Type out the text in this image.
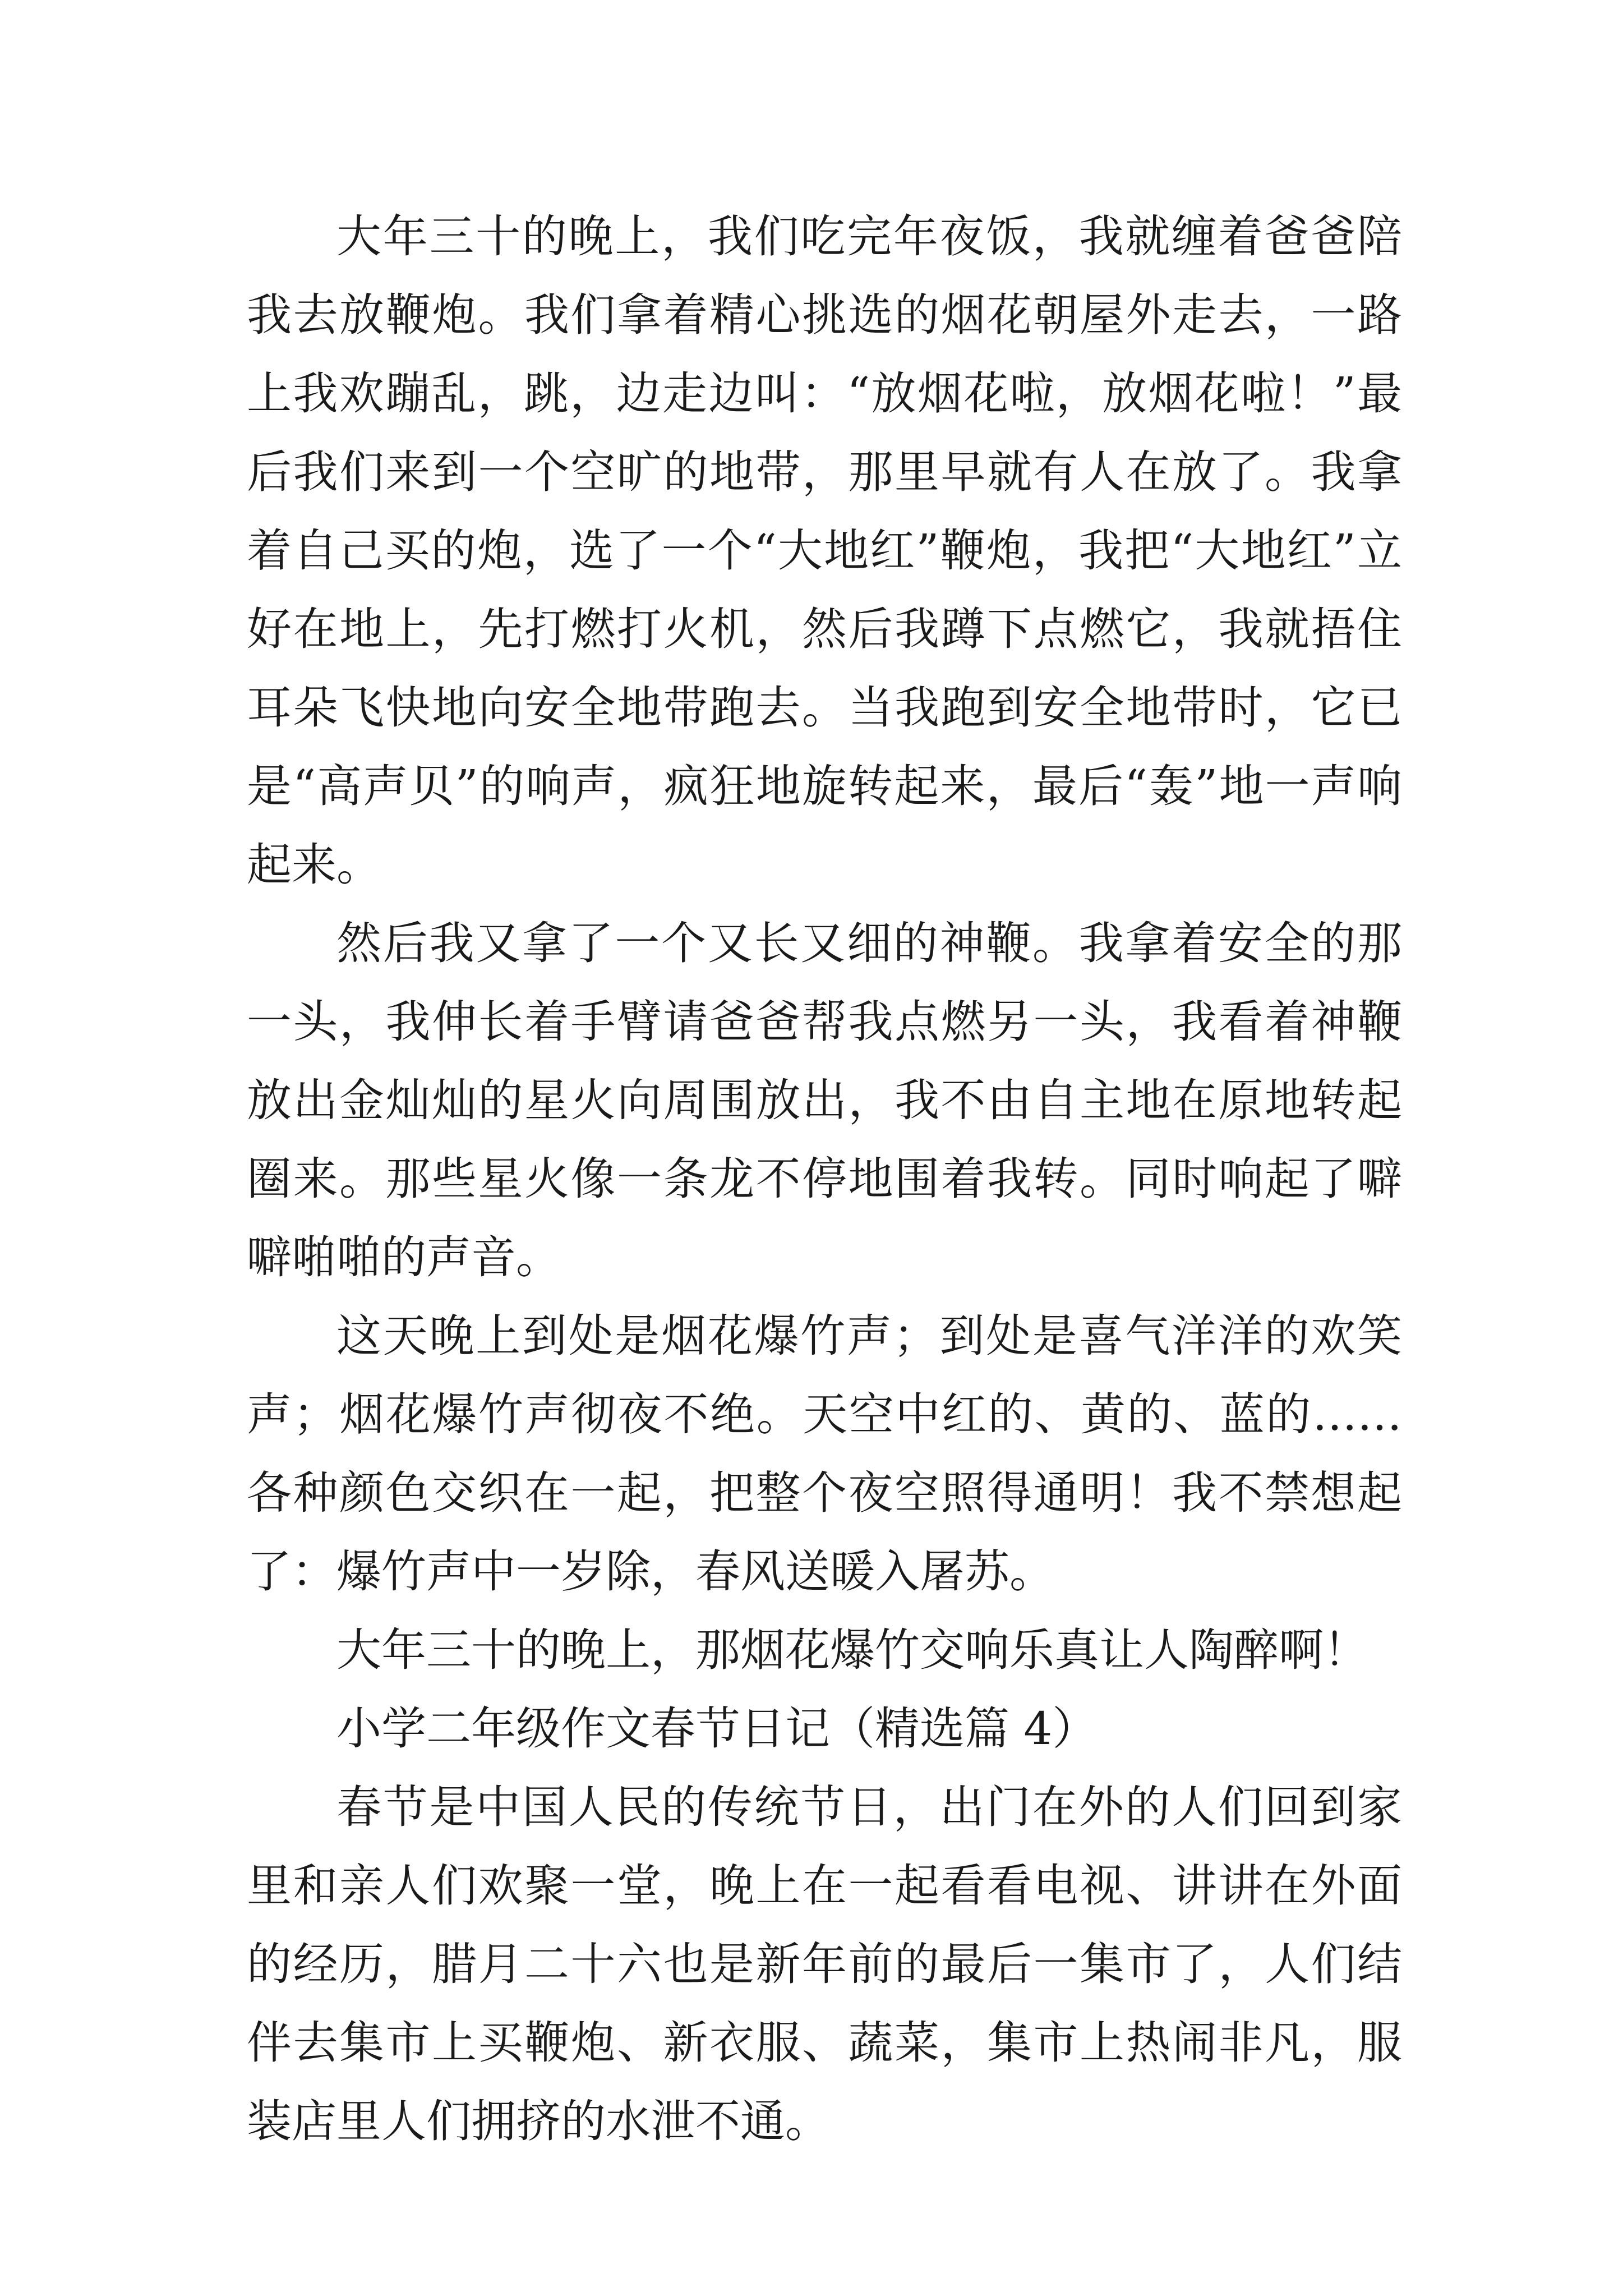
大年三十的晚上，我们吃完年夜饭，我就缠着爸爸陪我去放鞭炮。我们拿着精心挑选的烟花朝屋外走去，一路上我欢蹦乱，跳，边走边叫：“放烟花啦，放烟花啦！”最后我们来到一个空旷的地带，那里早就有人在放了。我拿着自己买的炮，选了一个“大地红”鞭炮，我把“大地红”立好在地上，先打燃打火机，然后我蹲下点燃它，我就捂住耳朵飞快地向安全地带跑去。当我跑到安全地带时，它已是“高声贝”的响声，疯狂地旋转起来，最后“轰”地一声响起来。

然后我又拿了一个又长又细的神鞭。我拿着安全的那一头，我伸长着手臂请爸爸帮我点燃另一头，我看着神鞭放出金灿灿的星火向周围放出，我不由自主地在原地转起圈来。那些星火像一条龙不停地围着我转。同时响起了噼噼啪啪的声音。

这天晚上到处是烟花爆竹声；到处是喜气洋洋的欢笑声；烟花爆竹声彻夜不绝。天空中红的、黄的、蓝的……各种颜色交织在一起，把整个夜空照得通明！我不禁想起了：爆竹声中一岁除，春风送暖入屠苏。

大年三十的晚上，那烟花爆竹交响乐真让人陶醉啊！

小学二年级作文春节日记（精选篇 4）

春节是中国人民的传统节日，出门在外的人们回到家里和亲人们欢聚一堂，晚上在一起看看电视、讲讲在外面的经历，腊月二十六也是新年前的最后一集市了，人们结伴去集市上买鞭炮、新衣服、蔬菜，集市上热闹非凡，服装店里人们拥挤的水泄不通。
